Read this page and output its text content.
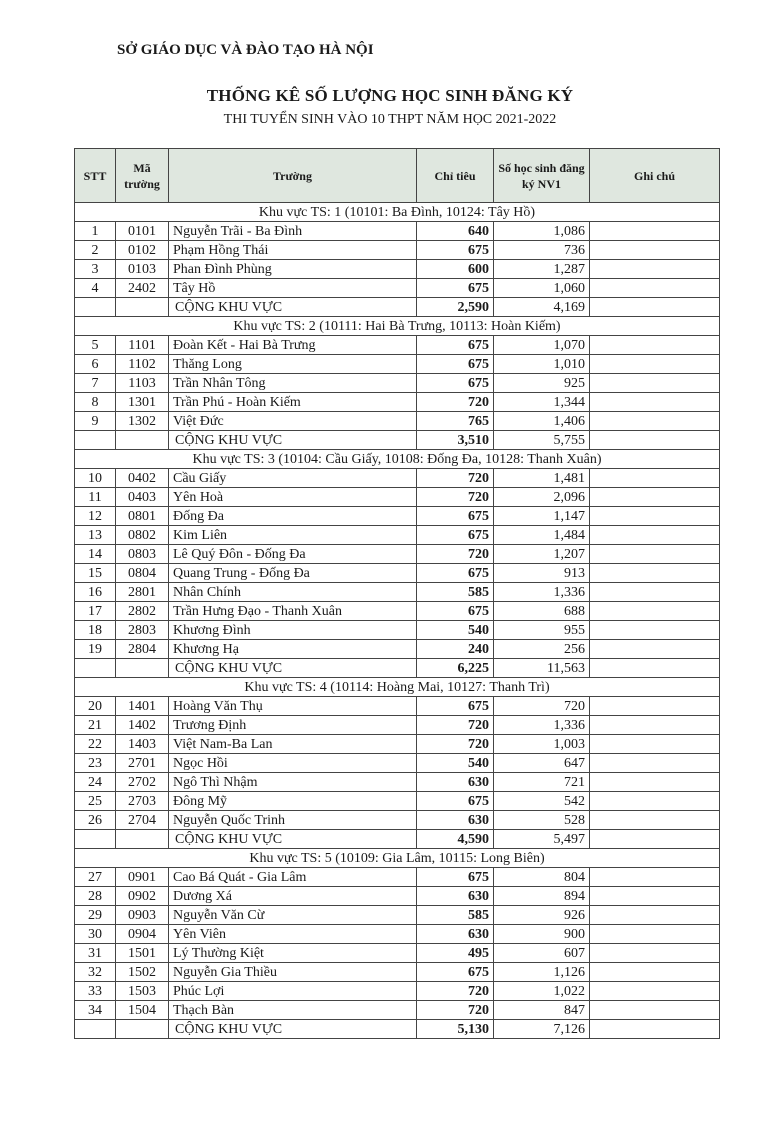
SỞ GIÁO DỤC VÀ ĐÀO TẠO HÀ NỘI
THỐNG KÊ SỐ LƯỢNG HỌC SINH ĐĂNG KÝ
THI TUYỂN SINH VÀO 10 THPT NĂM HỌC 2021-2022
STT	Mã trường	Trường	Chỉ tiêu	Số học sinh đăng ký NV1	Ghi chú
Khu vực TS: 1 (10101: Ba Đình, 10124: Tây Hồ)					
1	0101	Nguyễn Trãi - Ba Đình	640	1,086	
2	0102	Phạm Hồng Thái	675	736	
3	0103	Phan Đình Phùng	600	1,287	
4	2402	Tây Hồ	675	1,060	
		CỘNG KHU VỰC	2,590	4,169	
Khu vực TS: 2 (10111: Hai Bà Trưng, 10113: Hoàn Kiếm)					
5	1101	Đoàn Kết - Hai Bà Trưng	675	1,070	
6	1102	Thăng Long	675	1,010	
7	1103	Trần Nhân Tông	675	925	
8	1301	Trần Phú - Hoàn Kiếm	720	1,344	
9	1302	Việt Đức	765	1,406	
		CỘNG KHU VỰC	3,510	5,755	
Khu vực TS: 3 (10104: Cầu Giấy, 10108: Đống Đa, 10128: Thanh Xuân)					
10	0402	Cầu Giấy	720	1,481	
11	0403	Yên Hoà	720	2,096	
12	0801	Đống Đa	675	1,147	
13	0802	Kim Liên	675	1,484	
14	0803	Lê Quý Đôn - Đống Đa	720	1,207	
15	0804	Quang Trung - Đống Đa	675	913	
16	2801	Nhân Chính	585	1,336	
17	2802	Trần Hưng Đạo - Thanh Xuân	675	688	
18	2803	Khương Đình	540	955	
19	2804	Khương Hạ	240	256	
		CỘNG KHU VỰC	6,225	11,563	
Khu vực TS: 4 (10114: Hoàng Mai, 10127: Thanh Trì)					
20	1401	Hoàng Văn Thụ	675	720	
21	1402	Trương Định	720	1,336	
22	1403	Việt Nam-Ba Lan	720	1,003	
23	2701	Ngọc Hồi	540	647	
24	2702	Ngô Thì Nhậm	630	721	
25	2703	Đông Mỹ	675	542	
26	2704	Nguyễn Quốc Trinh	630	528	
		CỘNG KHU VỰC	4,590	5,497	
Khu vực TS: 5 (10109: Gia Lâm, 10115: Long Biên)					
27	0901	Cao Bá Quát - Gia Lâm	675	804	
28	0902	Dương Xá	630	894	
29	0903	Nguyễn Văn Cừ	585	926	
30	0904	Yên Viên	630	900	
31	1501	Lý Thường Kiệt	495	607	
32	1502	Nguyễn Gia Thiều	675	1,126	
33	1503	Phúc Lợi	720	1,022	
34	1504	Thạch Bàn	720	847	
		CỘNG KHU VỰC	5,130	7,126	
